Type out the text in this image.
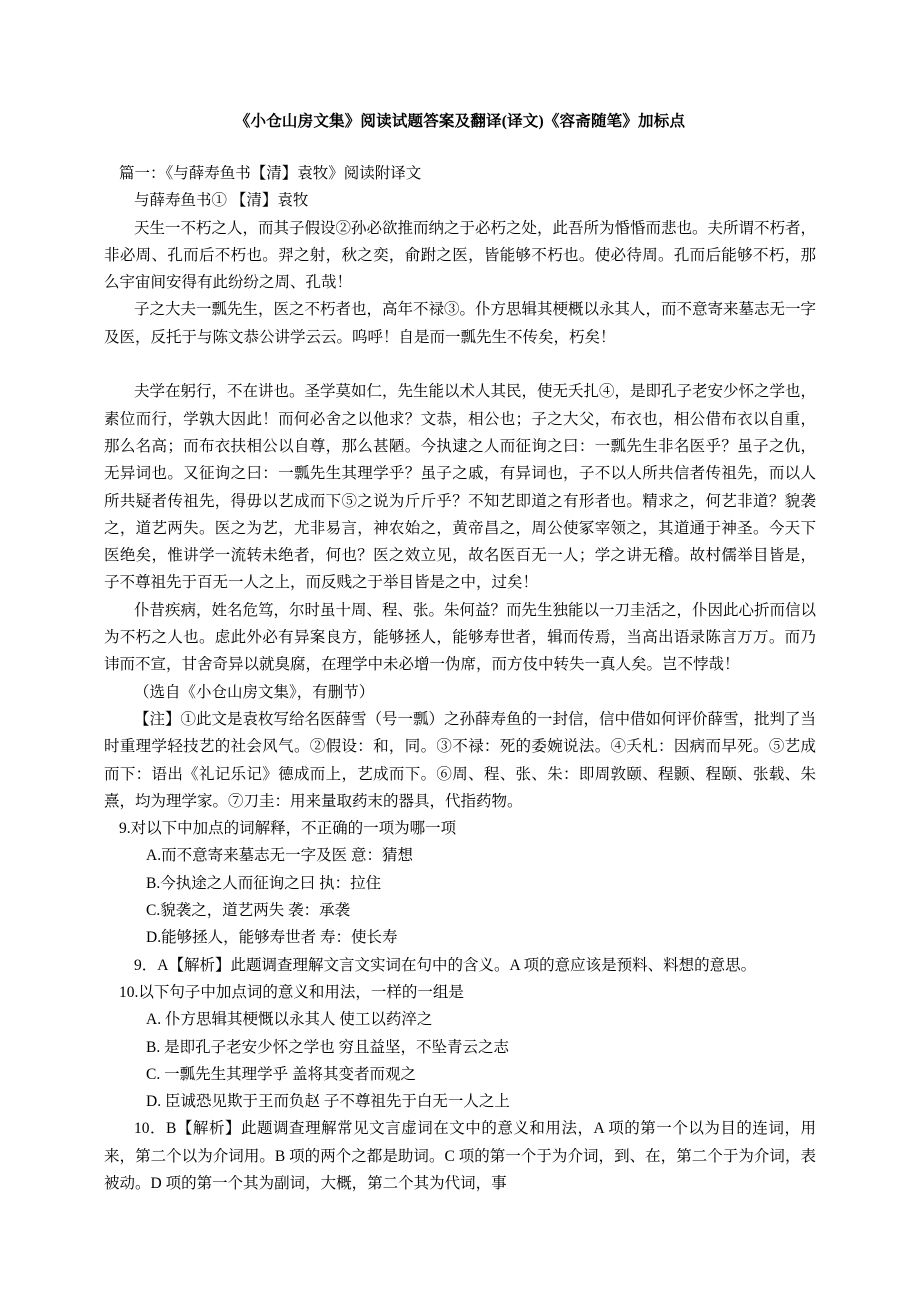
《小仓山房文集》阅读试题答案及翻译(译文)《容斋随笔》加标点

篇一：《与薛寿鱼书【清】袁牧》阅读附译文

与薛寿鱼书① 【清】袁牧

天生一不朽之人，而其子假设②孙必欲推而纳之于必朽之处，此吾所为惛惛而悲也。夫所谓不朽者，非必周、孔而后不朽也。羿之射，秋之奕，俞跗之医，皆能够不朽也。使必待周。孔而后能够不朽，那么宇宙间安得有此纷纷之周、孔哉！

子之大夫一瓢先生，医之不朽者也，高年不禄③。仆方思辑其梗概以永其人，而不意寄来墓志无一字及医，反托于与陈文恭公讲学云云。呜呼！自是而一瓢先生不传矣，朽矣！

夫学在躬行，不在讲也。圣学莫如仁，先生能以术人其民，使无夭扎④，是即孔子老安少怀之学也，素位而行，学孰大因此！而何必舍之以他求？文恭，相公也；子之大父，布衣也，相公借布衣以自重，那么名高；而布衣扶相公以自尊，那么甚陋。今执逮之人而征询之曰：一瓢先生非名医乎？虽子之仇，无异词也。又征询之曰：一瓢先生其理学乎？虽子之戚，有异词也，子不以人所共信者传祖先，而以人所共疑者传祖先，得毋以艺成而下⑤之说为斤斤乎？不知艺即道之有形者也。精求之，何艺非道？貌袭之，道艺两失。医之为艺，尤非易言，神农始之，黄帝昌之，周公使冢宰领之，其道通于神圣。今天下医绝矣，惟讲学一流转未绝者，何也？医之效立见，故名医百无一人；学之讲无稽。故村儒举目皆是，子不尊祖先于百无一人之上，而反贱之于举目皆是之中，过矣！

仆昔疾病，姓名危笃，尔时虽十周、程、张。朱何益？而先生独能以一刀圭活之，仆因此心折而信以为不朽之人也。虑此外必有异案良方，能够拯人，能够寿世者，辑而传焉，当高出语录陈言万万。而乃讳而不宣，甘舍奇异以就臭腐，在理学中未必增一伪席，而方伎中转失一真人矣。岂不悖哉！

（选自《小仓山房文集》，有删节）

【注】①此文是袁枚写给名医薛雪（号一瓢）之孙薛寿鱼的一封信，信中借如何评价薛雪，批判了当时重理学轻技艺的社会风气。②假设：和，同。③不禄：死的委婉说法。④夭札：因病而早死。⑤艺成而下：语出《礼记乐记》德成而上，艺成而下。⑥周、程、张、朱：即周敦颐、程颢、程颐、张载、朱熹，均为理学家。⑦刀圭：用来量取药末的器具，代指药物。

9.对以下中加点的词解释，不正确的一项为哪一项

A.而不意寄来墓志无一字及医 意：猜想

B.今执途之人而征询之曰 执：拉住

C.貌袭之，道艺两失 袭：承袭

D.能够拯人，能够寿世者 寿：使长寿

9．A【解析】此题调查理解文言文实词在句中的含义。A 项的意应该是预料、料想的意思。

10.以下句子中加点词的意义和用法，一样的一组是

A. 仆方思辑其梗慨以永其人 使工以药淬之

B. 是即孔子老安少怀之学也 穷且益坚，不坠青云之志

C. 一瓢先生其理学乎 盖将其变者而观之

D. 臣诚恐见欺于王而负赵 子不尊祖先于白无一人之上

10．B【解析】此题调查理解常见文言虚词在文中的意义和用法，A 项的第一个以为目的连词，用来，第二个以为介词用。B 项的两个之都是助词。C 项的第一个于为介词，到、在，第二个于为介词，表被动。D 项的第一个其为副词，大概，第二个其为代词，事
